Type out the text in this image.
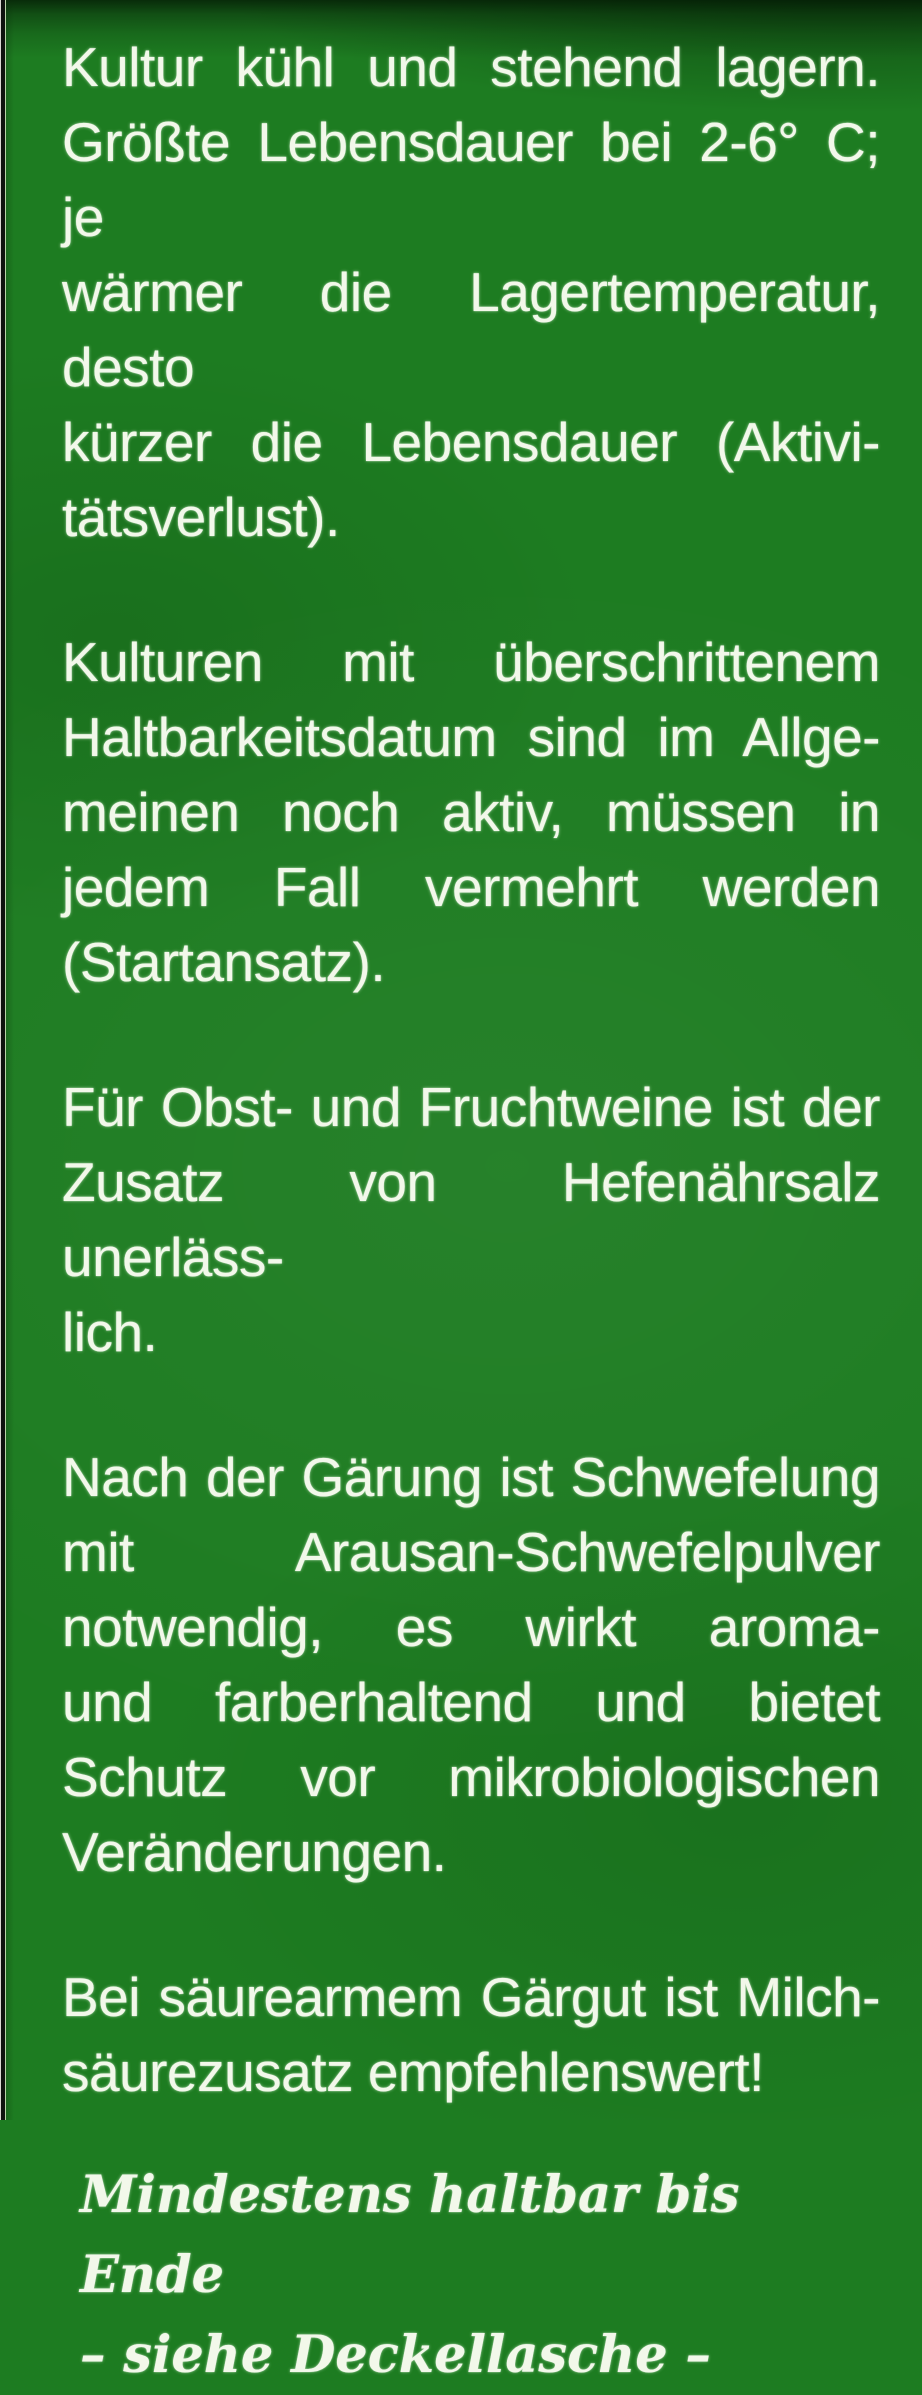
Kultur kühl und stehend lagern.
Größte Lebensdauer bei 2-6° C; je
wärmer die Lagertemperatur, desto
kürzer die Lebensdauer (Aktivi-
tätsverlust).
Kulturen mit überschrittenem
Haltbarkeitsdatum sind im Allge-
meinen noch aktiv, müssen in
jedem Fall vermehrt werden
(Startansatz).
Für Obst- und Fruchtweine ist der
Zusatz von Hefenährsalz unerläss-
lich.
Nach der Gärung ist Schwefelung
mit Arausan-Schwefelpulver
notwendig, es wirkt aroma-
und farberhaltend und bietet
Schutz vor mikrobiologischen
Veränderungen.
Bei säurearmem Gärgut ist Milch-
säurezusatz empfehlenswert!
Mindestens haltbar bis Ende
– siehe Deckellasche –
